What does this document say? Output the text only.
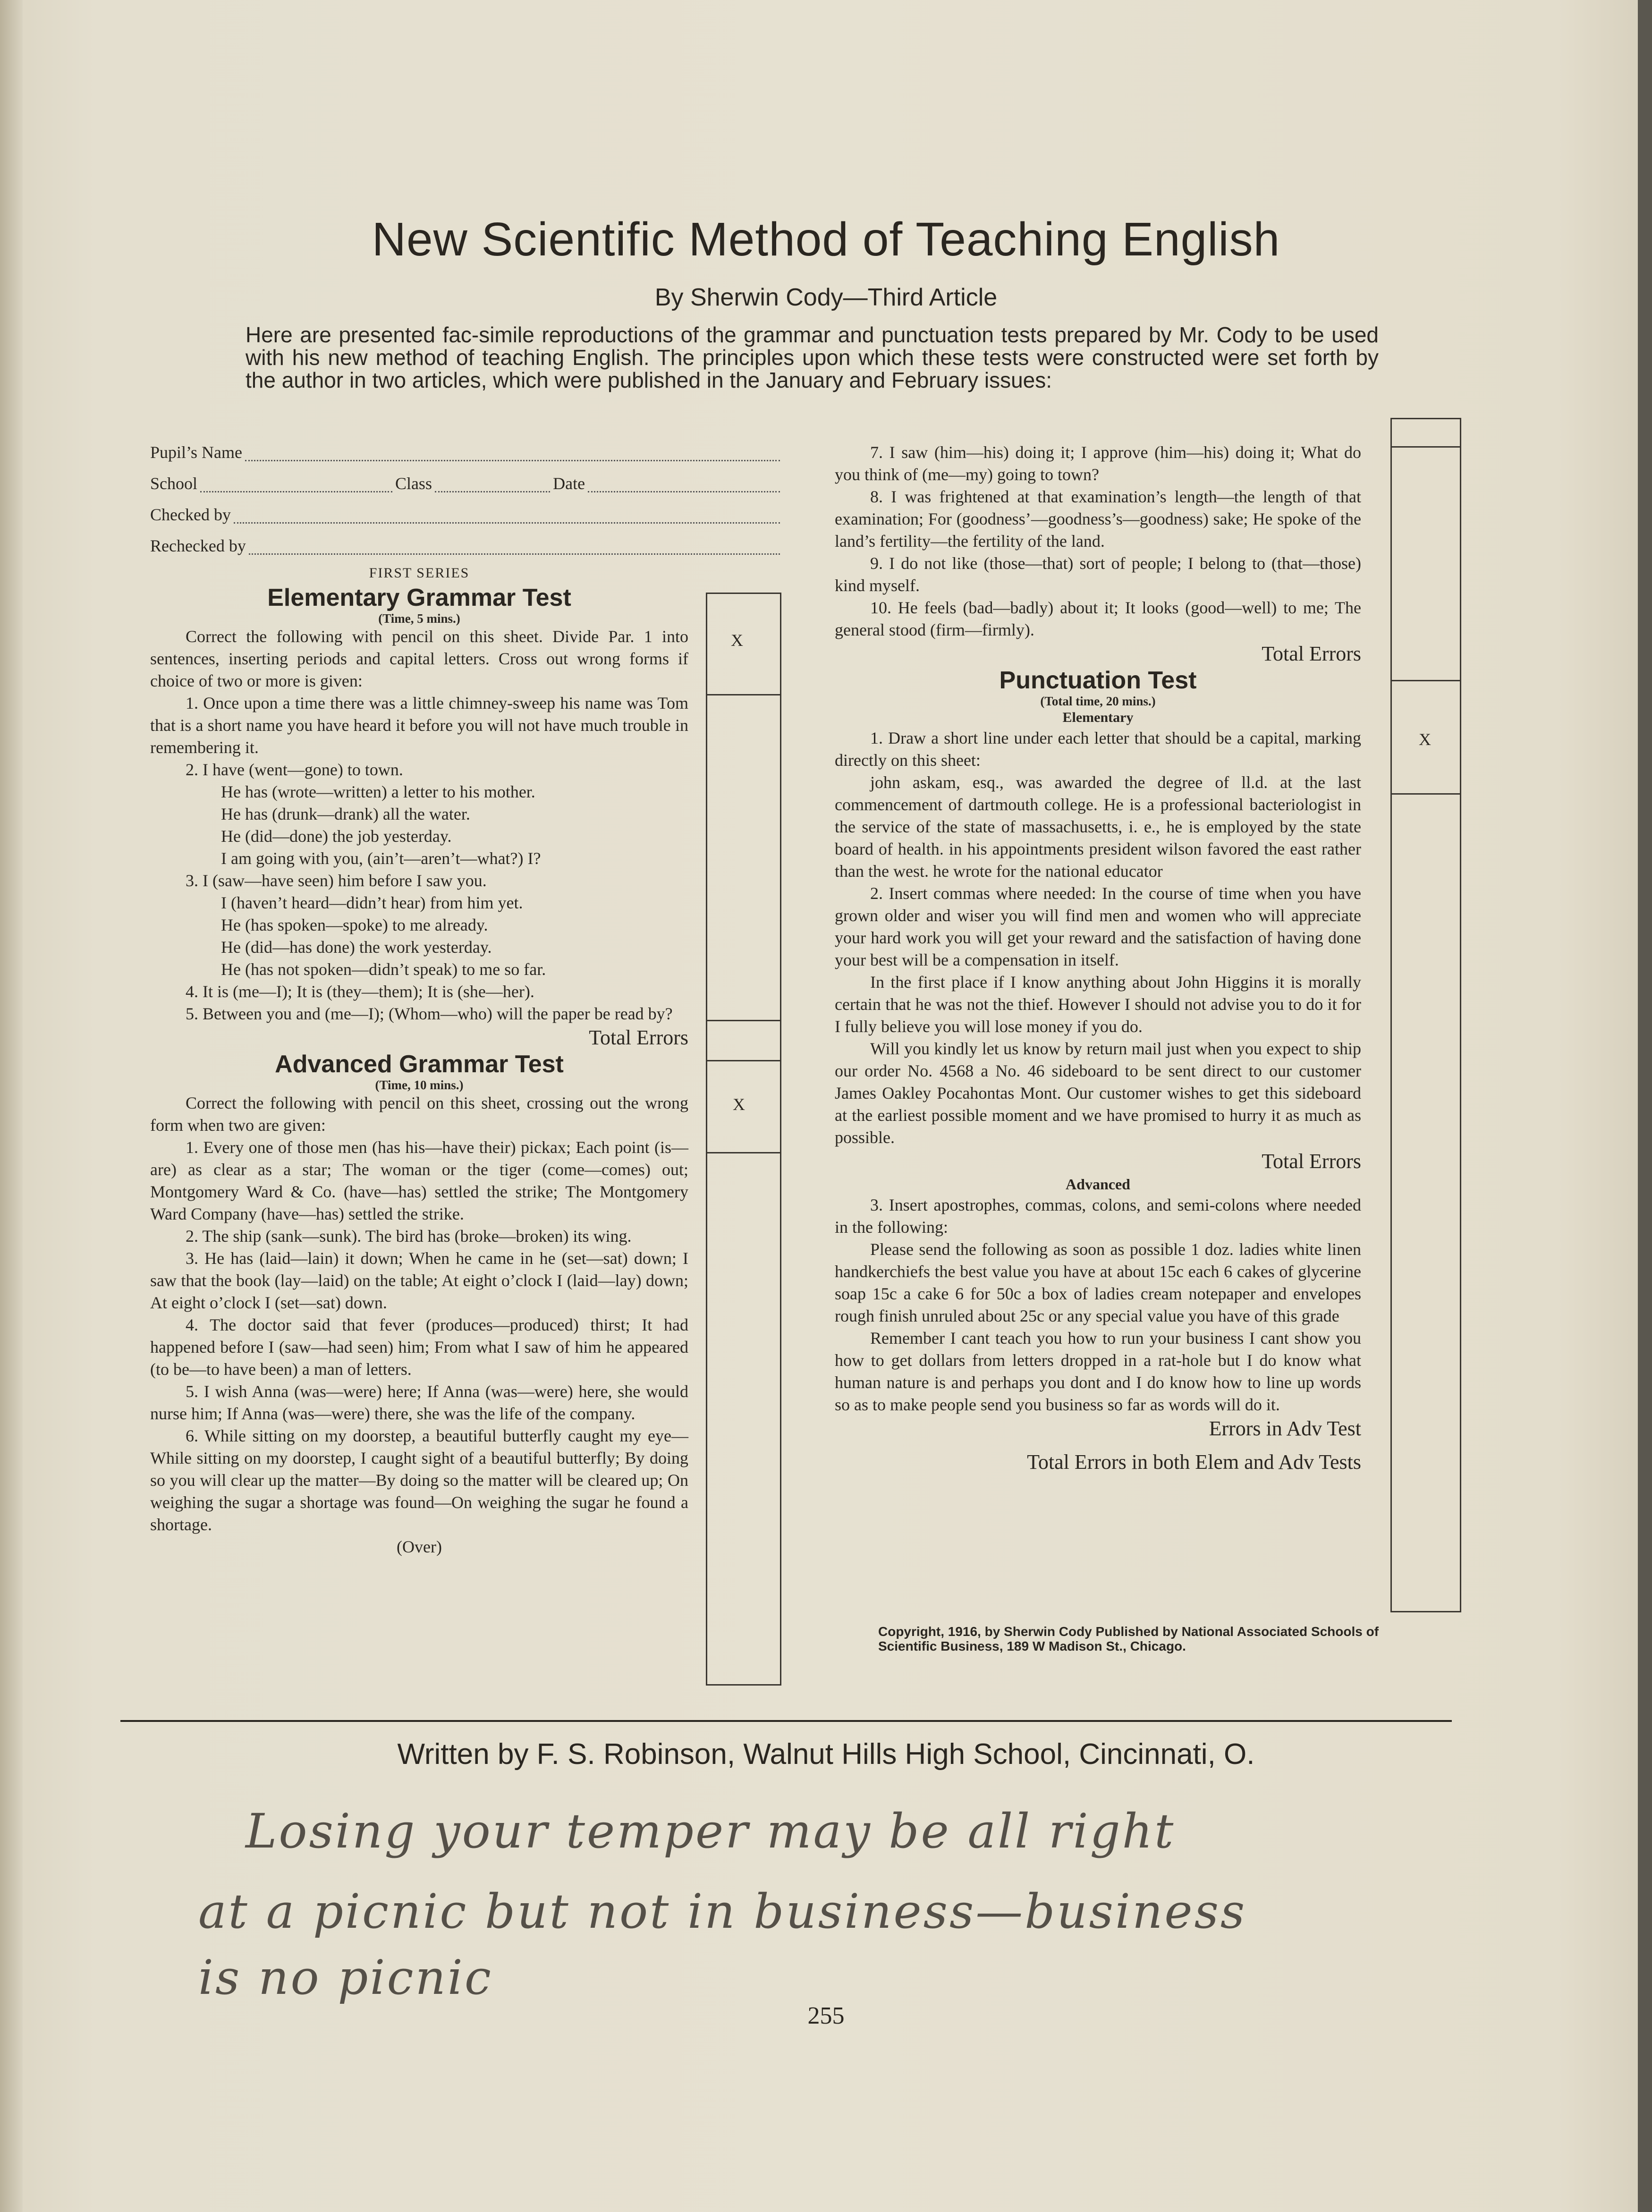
New Scientific Method of Teaching English
By Sherwin Cody—Third Article
Here are presented fac-simile reproductions of the grammar and punctuation tests prepared by Mr. Cody to be used with his new method of teaching English. The principles upon which these tests were constructed were set forth by the author in two articles, which were published in the January and February issues:
Pupil’s Name
School	Class	Date
Checked by
Rechecked by

FIRST SERIES

Elementary Grammar Test

(Time, 5 mins.)

Correct the following with pencil on this sheet. Divide Par. 1 into sentences, inserting periods and capital letters. Cross out wrong forms if choice of two or more is given:

1. Once upon a time there was a little chimney-sweep his name was Tom that is a short name you have heard it before you will not have much trouble in remembering it.

2. I have (went—gone) to town.

He has (wrote—written) a letter to his mother.

He has (drunk—drank) all the water.

He (did—done) the job yesterday.

I am going with you, (ain’t—aren’t—what?) I?

3. I (saw—have seen) him before I saw you.

I (haven’t heard—didn’t hear) from him yet.

He (has spoken—spoke) to me already.

He (did—has done) the work yesterday.

He (has not spoken—didn’t speak) to me so far.

4. It is (me—I); It is (they—them); It is (she—her).

5. Between you and (me—I); (Whom—who) will the paper be read by?

Total Errors

Advanced Grammar Test

(Time, 10 mins.)

Correct the following with pencil on this sheet, crossing out the wrong form when two are given:

1. Every one of those men (has his—have their) pickax; Each point (is—are) as clear as a star; The woman or the tiger (come—comes) out; Montgomery Ward & Co. (have—has) settled the strike; The Montgomery Ward Company (have—has) settled the strike.

2. The ship (sank—sunk). The bird has (broke—broken) its wing.

3. He has (laid—lain) it down; When he came in he (set—sat) down; I saw that the book (lay—laid) on the table; At eight o’clock I (laid—lay) down; At eight o’clock I (set—sat) down.

4. The doctor said that fever (produces—produced) thirst; It had happened before I (saw—had seen) him; From what I saw of him he appeared (to be—to have been) a man of letters.

5. I wish Anna (was—were) here; If Anna (was—were) here, she would nurse him; If Anna (was—were) there, she was the life of the company.

6. While sitting on my doorstep, a beautiful butterfly caught my eye—While sitting on my doorstep, I caught sight of a beautiful butterfly; By doing so you will clear up the matter—By doing so the matter will be cleared up; On weighing the sugar a shortage was found—On weighing the sugar he found a shortage.

(Over)

X
X

7. I saw (him—his) doing it; I approve (him—his) doing it; What do you think of (me—my) going to town?

8. I was frightened at that examination’s length—the length of that examination; For (goodness’—goodness’s—goodness) sake; He spoke of the land’s fertility—the fertility of the land.

9. I do not like (those—that) sort of people; I belong to (that—those) kind myself.

10. He feels (bad—badly) about it; It looks (good—well) to me; The general stood (firm—firmly).

Total Errors

Punctuation Test

(Total time, 20 mins.)

Elementary

1. Draw a short line under each letter that should be a capital, marking directly on this sheet:

john askam, esq., was awarded the degree of ll.d. at the last commencement of dartmouth college. He is a professional bacteriologist in the service of the state of massachusetts, i. e., he is employed by the state board of health. in his appointments president wilson favored the east rather than the west. he wrote for the national educator

2. Insert commas where needed: In the course of time when you have grown older and wiser you will find men and women who will appreciate your hard work you will get your reward and the satisfaction of having done your best will be a compensation in itself.

In the first place if I know anything about John Higgins it is morally certain that he was not the thief. However I should not advise you to do it for I fully believe you will lose money if you do.

Will you kindly let us know by return mail just when you expect to ship our order No. 4568 a No. 46 sideboard to be sent direct to our customer James Oakley Pocahontas Mont. Our customer wishes to get this sideboard at the earliest possible moment and we have promised to hurry it as much as possible.

Total Errors

Advanced

3. Insert apostrophes, commas, colons, and semi-colons where needed in the following:

Please send the following as soon as possible 1 doz. ladies white linen handkerchiefs the best value you have at about 15c each 6 cakes of glycerine soap 15c a cake 6 for 50c a box of ladies cream notepaper and envelopes rough finish unruled about 25c or any special value you have of this grade

Remember I cant teach you how to run your business I cant show you how to get dollars from letters dropped in a rat-hole but I do know what human nature is and perhaps you dont and I do know how to line up words so as to make people send you business so far as words will do it.

Errors in Adv Test

Total Errors in both Elem and Adv Tests

Copyright, 1916, by Sherwin Cody Published by National Associated Schools of Scientific Business, 189 W Madison St., Chicago.
X
Written by F. S. Robinson, Walnut Hills High School, Cincinnati, O.
Losing your temper may be all right
at a picnic but not in business—business
is no picnic
255
